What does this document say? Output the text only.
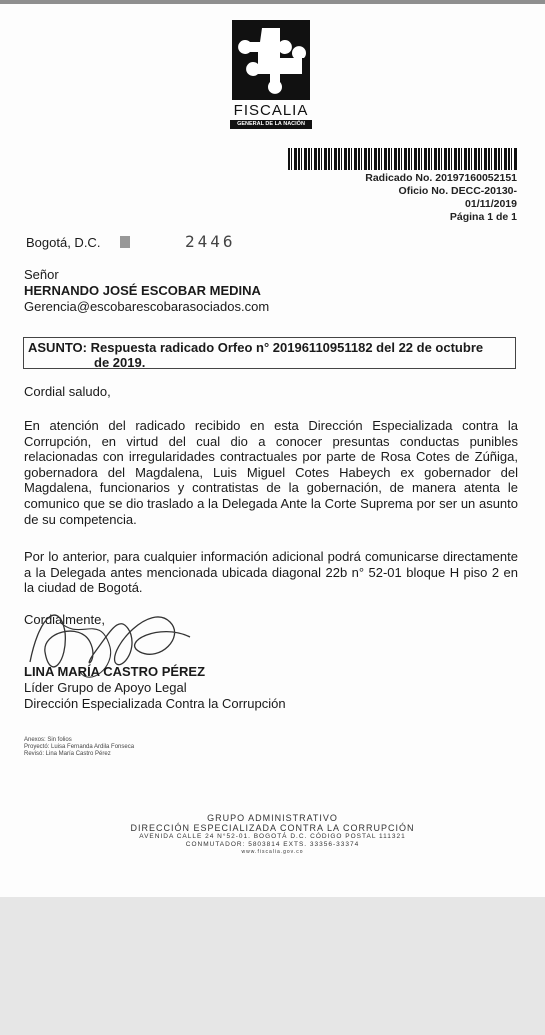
FISCALIA
GENERAL DE LA NACIÓN
Radicado No. 20197160052151
Oficio No. DECC-20130-
01/11/2019
Página 1 de 1
Bogotá, D.C.	2446
Señor
HERNANDO JOSÉ ESCOBAR MEDINA
Gerencia@escobarescobarasociados.com
ASUNTO: Respuesta radicado Orfeo n° 20196110951182 del 22 de octubre
de 2019.
Cordial saludo,
En atención del radicado recibido en esta Dirección Especializada contra la Corrupción, en virtud del cual dio a conocer presuntas conductas punibles relacionadas con irregularidades contractuales por parte de Rosa Cotes de Zúñiga, gobernadora del Magdalena, Luis Miguel Cotes Habeych ex gobernador del Magdalena, funcionarios y contratistas de la gobernación, de manera atenta le comunico que se dio traslado a la Delegada Ante la Corte Suprema por ser un asunto de su competencia.
Por lo anterior, para cualquier información adicional podrá comunicarse directamente a la Delegada antes mencionada ubicada diagonal 22b n° 52-01 bloque H piso 2 en la ciudad de Bogotá.
Cordialmente,
LINA MARÍA CASTRO PÉREZ
Líder Grupo de Apoyo Legal
Dirección Especializada Contra la Corrupción
Anexos: Sin folios
Proyectó: Luisa Fernanda Ardila Fonseca
Revisó: Lina María Castro Pérez
GRUPO ADMINISTRATIVO
DIRECCIÓN ESPECIALIZADA CONTRA LA CORRUPCIÓN
AVENIDA CALLE 24 N°52-01. BOGOTÁ D.C. CÓDIGO POSTAL 111321
CONMUTADOR: 5803814 EXTS. 33356-33374
www.fiscalia.gov.co
